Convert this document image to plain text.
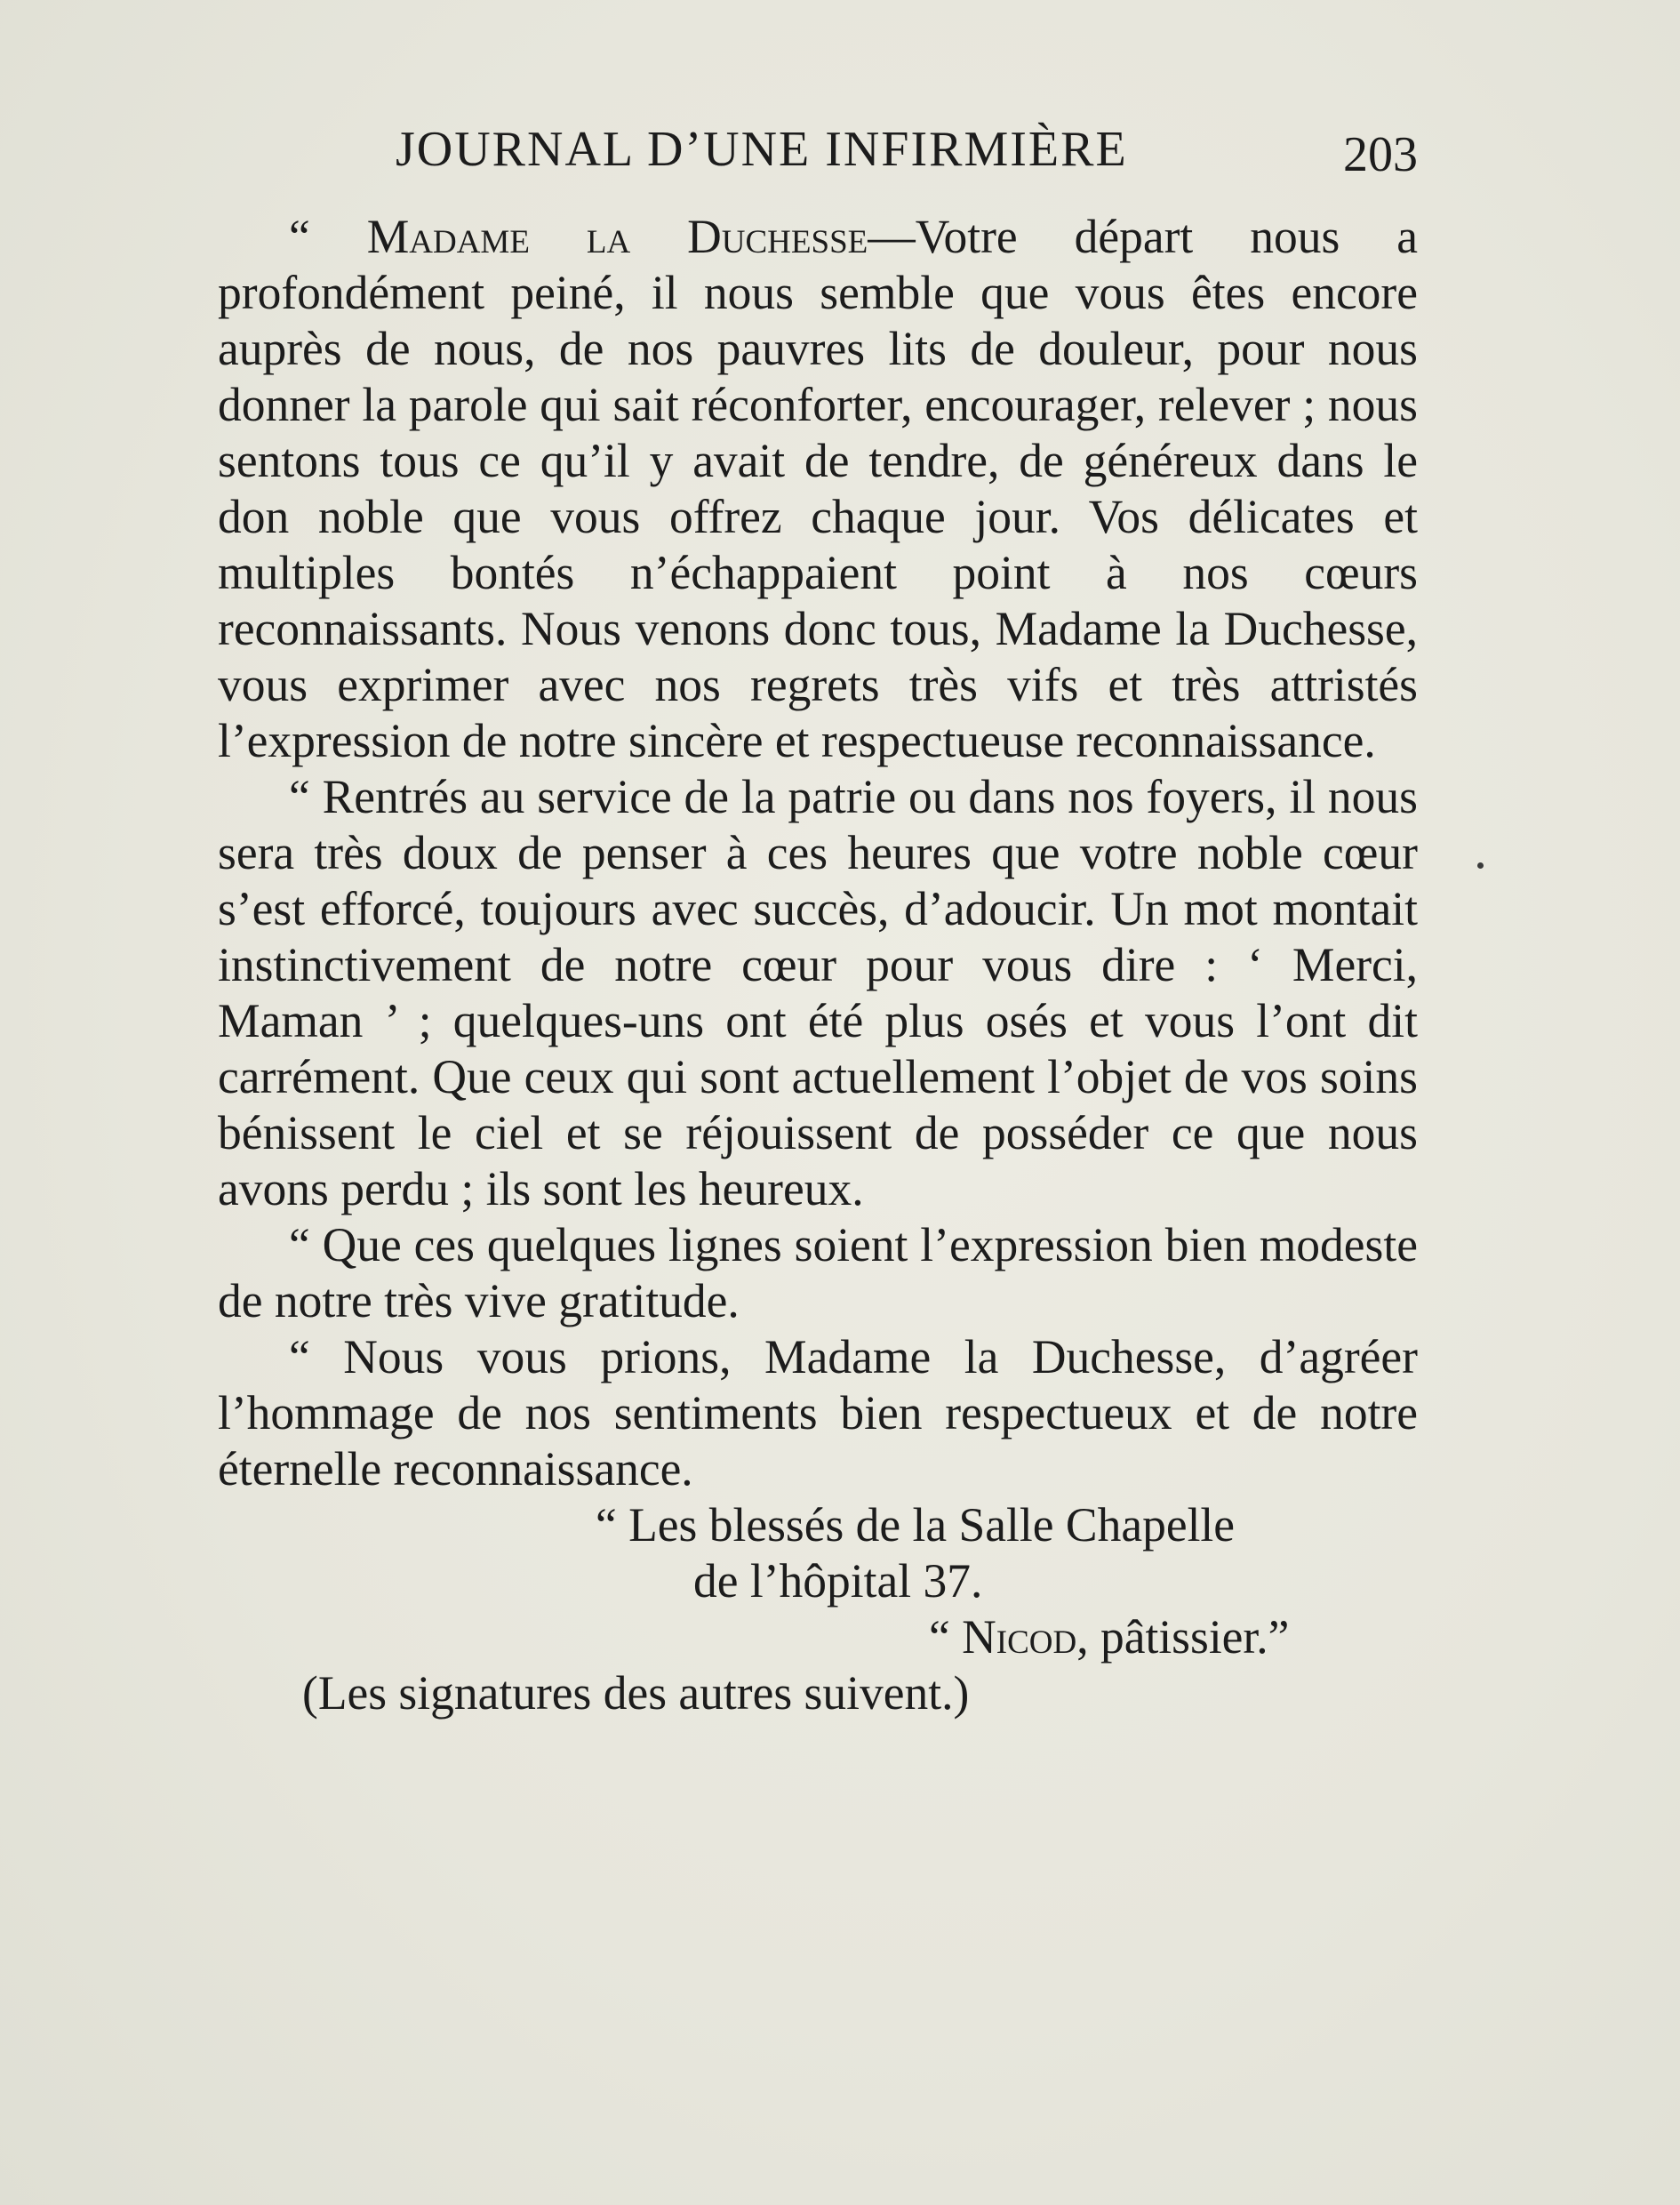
JOURNAL D’UNE INFIRMIÈRE	203

“ Madame la Duchesse—Votre départ nous a profondément peiné, il nous semble que vous êtes encore auprès de nous, de nos pauvres lits de douleur, pour nous donner la parole qui sait réconforter, encourager, relever ; nous sentons tous ce qu’il y avait de tendre, de généreux dans le don noble que vous offrez chaque jour. Vos délicates et multiples bontés n’échappaient point à nos cœurs reconnaissants. Nous venons donc tous, Madame la Duchesse, vous exprimer avec nos regrets très vifs et très attristés l’expression de notre sincère et respectueuse reconnaissance.

“ Rentrés au service de la patrie ou dans nos foyers, il nous sera très doux de penser à ces heures que votre noble cœur s’est efforcé, toujours avec succès, d’adoucir. Un mot montait instinctivement de notre cœur pour vous dire : ‘ Merci, Maman ’ ; quelques-uns ont été plus osés et vous l’ont dit carrément. Que ceux qui sont actuellement l’objet de vos soins bénissent le ciel et se réjouissent de posséder ce que nous avons perdu ; ils sont les heureux.

“ Que ces quelques lignes soient l’expression bien modeste de notre très vive gratitude.

“ Nous vous prions, Madame la Duchesse, d’agréer l’hommage de nos sentiments bien respectueux et de notre éternelle reconnaissance.

“ Les blessés de la Salle Chapelle

de l’hôpital 37.

“ Nicod, pâtissier.”

(Les signatures des autres suivent.)
